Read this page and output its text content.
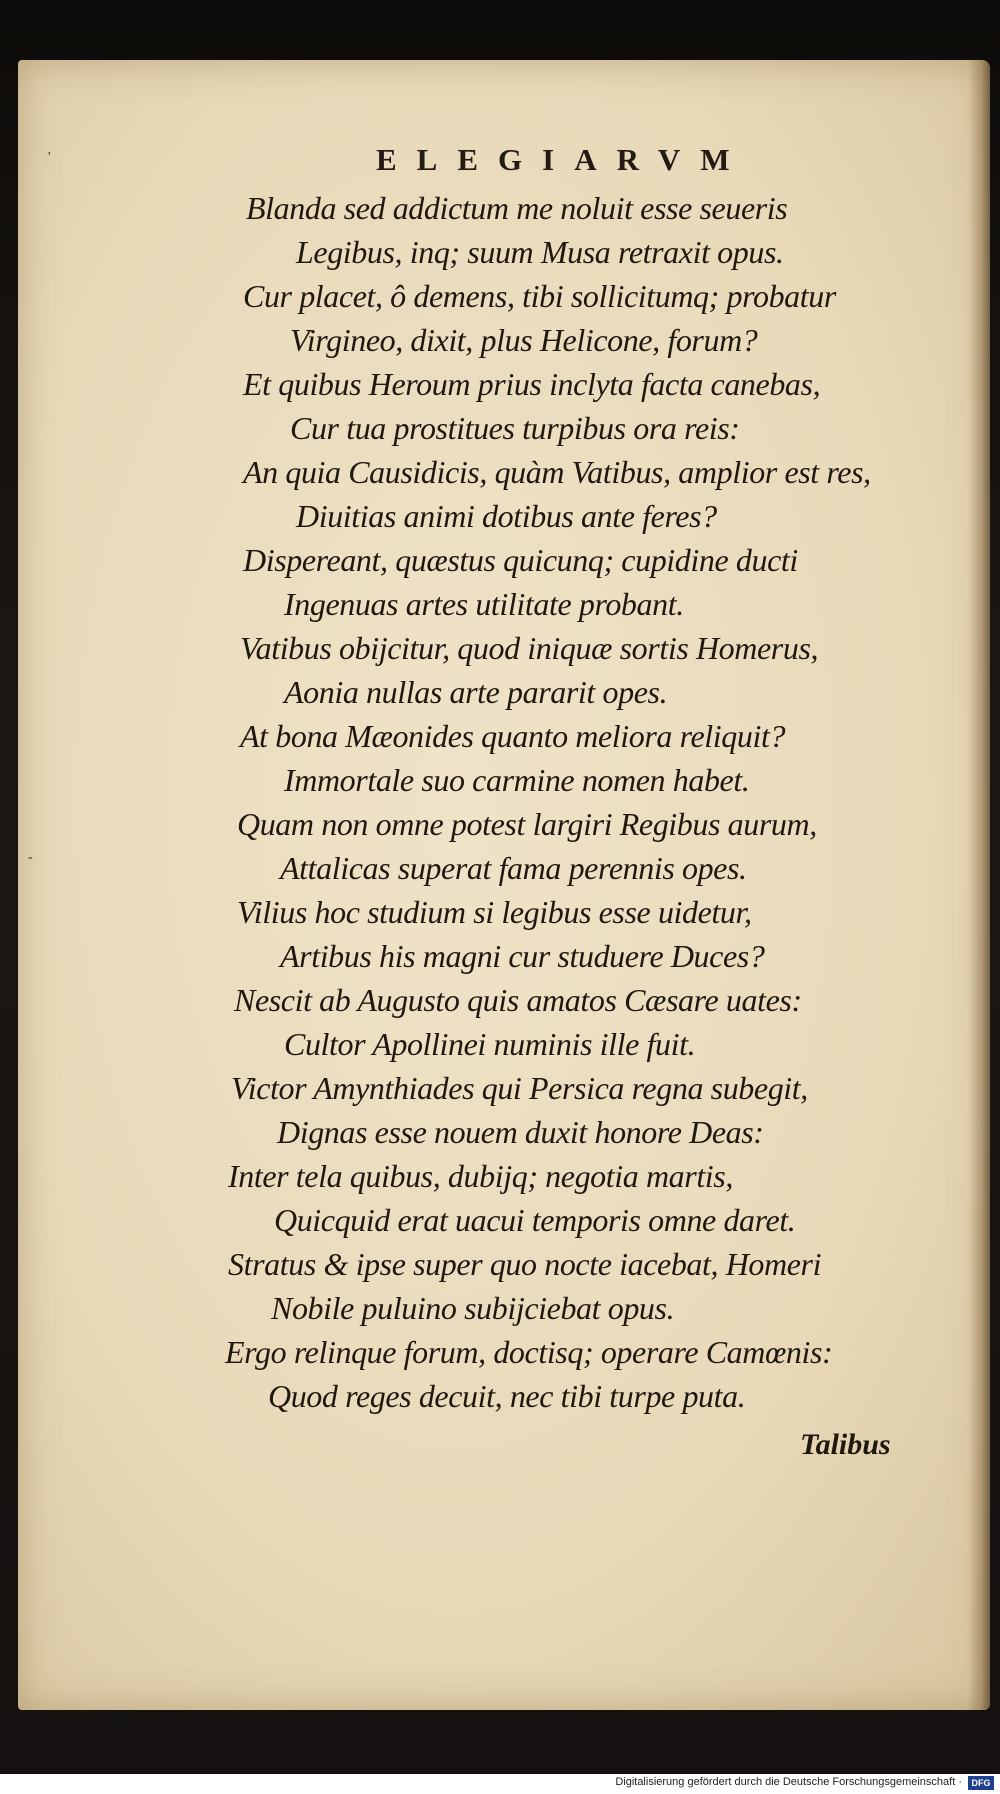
ELEGIARVM
Blanda sed addictum me noluit esse seueris
Legibus, inq; suum Musa retraxit opus.
Cur placet, ô demens, tibi sollicitumq; probatur
Virgineo, dixit, plus Helicone, forum?
Et quibus Heroum prius inclyta facta canebas,
Cur tua prostitues turpibus ora reis:
An quia Causidicis, quàm Vatibus, amplior est res,
Diuitias animi dotibus ante feres?
Dispereant, quæstus quicunq; cupidine ducti
Ingenuas artes utilitate probant.
Vatibus obijcitur, quod iniquæ sortis Homerus,
Aonia nullas arte pararit opes.
At bona Mæonides quanto meliora reliquit?
Immortale suo carmine nomen habet.
Quam non omne potest largiri Regibus aurum,
Attalicas superat fama perennis opes.
Vilius hoc studium si legibus esse uidetur,
Artibus his magni cur studuere Duces?
Nescit ab Augusto quis amatos Cæsare uates:
Cultor Apollinei numinis ille fuit.
Victor Amynthiades qui Persica regna subegit,
Dignas esse nouem duxit honore Deas:
Inter tela quibus, dubijq; negotia martis,
Quicquid erat uacui temporis omne daret.
Stratus & ipse super quo nocte iacebat, Homeri
Nobile puluino subijciebat opus.
Ergo relinque forum, doctisq; operare Camœnis:
Quod reges decuit, nec tibi turpe puta.
Talibus
'
-
Digitalisierung gefördert durch die Deutsche Forschungsgemeinschaft ·	DFG
